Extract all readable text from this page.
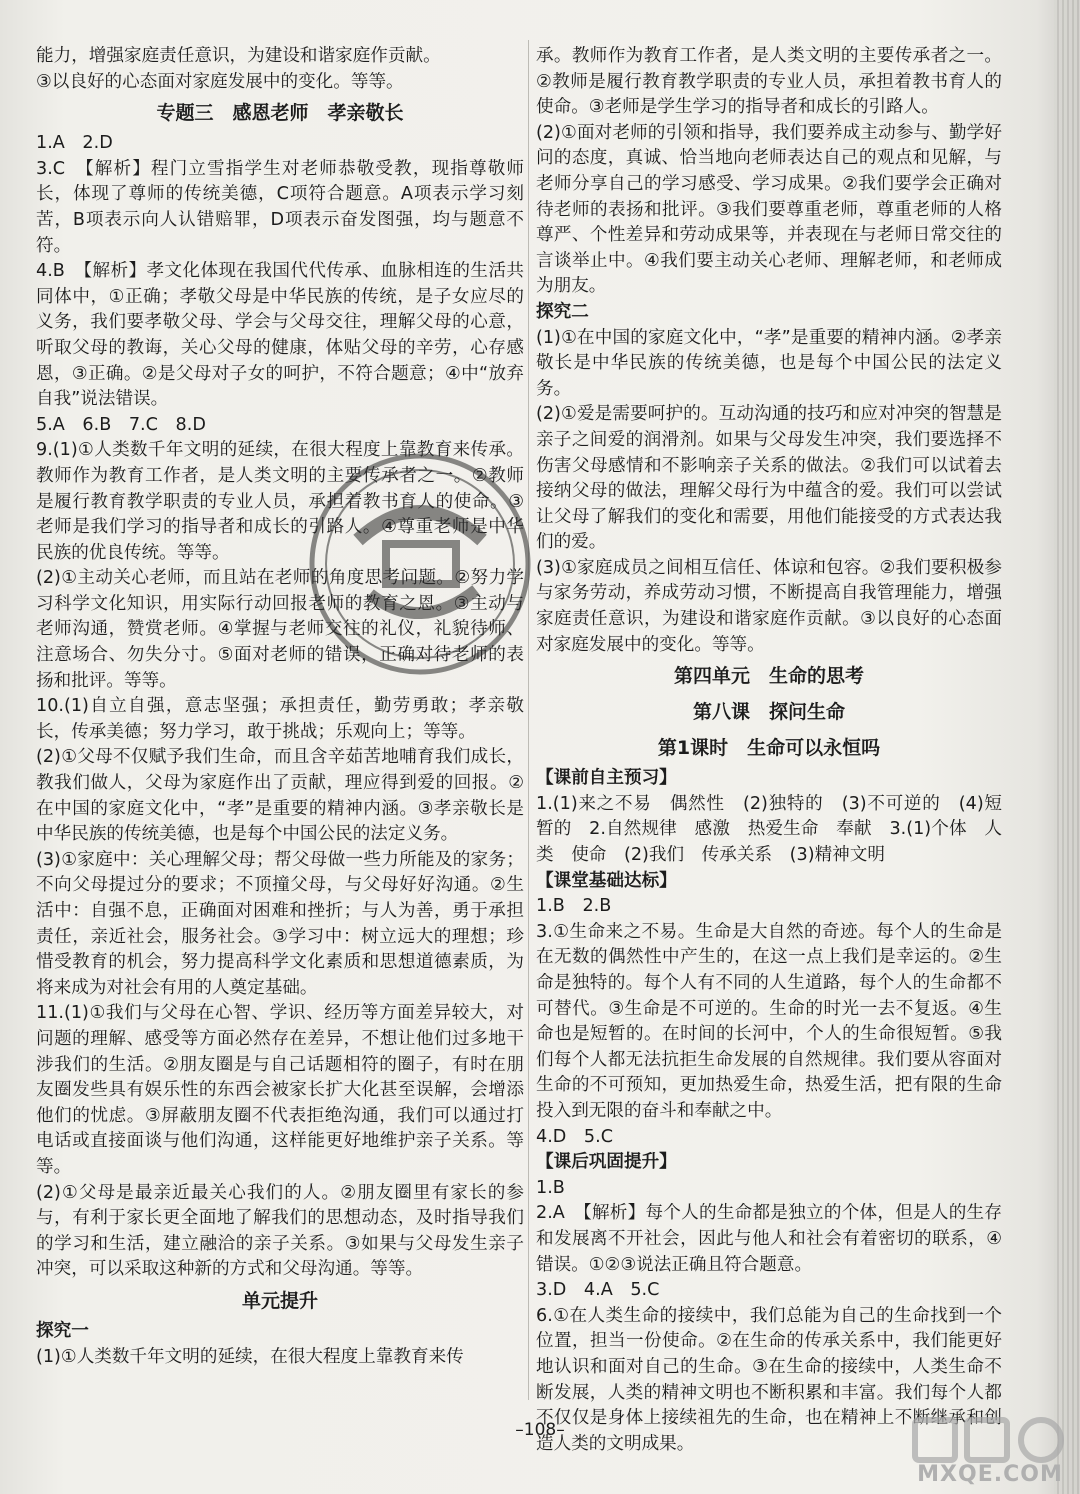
能力，增强家庭责任意识，为建设和谐家庭作贡献。

③以良好的心态面对家庭发展中的变化。等等。

专题三　感恩老师　孝亲敬长

1.A　2.D

3.C　【解析】程门立雪指学生对老师恭敬受教，现指尊敬师长，体现了尊师的传统美德，C项符合题意。A项表示学习刻苦，B项表示向人认错赔罪，D项表示奋发图强，均与题意不符。

4.B　【解析】孝文化体现在我国代代传承、血脉相连的生活共同体中，①正确；孝敬父母是中华民族的传统，是子女应尽的义务，我们要孝敬父母、学会与父母交往，理解父母的心意，听取父母的教诲，关心父母的健康，体贴父母的辛劳，心存感恩，③正确。②是父母对子女的呵护，不符合题意；④中“放弃自我”说法错误。

5.A　6.B　7.C　8.D

9.(1)①人类数千年文明的延续，在很大程度上靠教育来传承。教师作为教育工作者，是人类文明的主要传承者之一。②教师是履行教育教学职责的专业人员，承担着教书育人的使命。③老师是我们学习的指导者和成长的引路人。④尊重老师是中华民族的优良传统。等等。

(2)①主动关心老师，而且站在老师的角度思考问题。②努力学习科学文化知识，用实际行动回报老师的教育之恩。③主动与老师沟通，赞赏老师。④掌握与老师交往的礼仪，礼貌待师、注意场合、勿失分寸。⑤面对老师的错误，正确对待老师的表扬和批评。等等。

10.(1)自立自强，意志坚强；承担责任，勤劳勇敢；孝亲敬长，传承美德；努力学习，敢于挑战；乐观向上；等等。

(2)①父母不仅赋予我们生命，而且含辛茹苦地哺育我们成长，教我们做人，父母为家庭作出了贡献，理应得到爱的回报。②在中国的家庭文化中，“孝”是重要的精神内涵。③孝亲敬长是中华民族的传统美德，也是每个中国公民的法定义务。

(3)①家庭中：关心理解父母；帮父母做一些力所能及的家务；不向父母提过分的要求；不顶撞父母，与父母好好沟通。②生活中：自强不息，正确面对困难和挫折；与人为善，勇于承担责任，亲近社会，服务社会。③学习中：树立远大的理想；珍惜受教育的机会，努力提高科学文化素质和思想道德素质，为将来成为对社会有用的人奠定基础。

11.(1)①我们与父母在心智、学识、经历等方面差异较大，对问题的理解、感受等方面必然存在差异，不想让他们过多地干涉我们的生活。②朋友圈是与自己话题相符的圈子，有时在朋友圈发些具有娱乐性的东西会被家长扩大化甚至误解，会增添他们的忧虑。③屏蔽朋友圈不代表拒绝沟通，我们可以通过打电话或直接面谈与他们沟通，这样能更好地维护亲子关系。等等。

(2)①父母是最亲近最关心我们的人。②朋友圈里有家长的参与，有利于家长更全面地了解我们的思想动态，及时指导我们的学习和生活，建立融洽的亲子关系。③如果与父母发生亲子冲突，可以采取这种新的方式和父母沟通。等等。

单元提升

探究一

(1)①人类数千年文明的延续，在很大程度上靠教育来传

承。教师作为教育工作者，是人类文明的主要传承者之一。②教师是履行教育教学职责的专业人员，承担着教书育人的使命。③老师是学生学习的指导者和成长的引路人。

(2)①面对老师的引领和指导，我们要养成主动参与、勤学好问的态度，真诚、恰当地向老师表达自己的观点和见解，与老师分享自己的学习感受、学习成果。②我们要学会正确对待老师的表扬和批评。③我们要尊重老师，尊重老师的人格尊严、个性差异和劳动成果等，并表现在与老师日常交往的言谈举止中。④我们要主动关心老师、理解老师，和老师成为朋友。

探究二

(1)①在中国的家庭文化中，“孝”是重要的精神内涵。②孝亲敬长是中华民族的传统美德，也是每个中国公民的法定义务。

(2)①爱是需要呵护的。互动沟通的技巧和应对冲突的智慧是亲子之间爱的润滑剂。如果与父母发生冲突，我们要选择不伤害父母感情和不影响亲子关系的做法。②我们可以试着去接纳父母的做法，理解父母行为中蕴含的爱。我们可以尝试让父母了解我们的变化和需要，用他们能接受的方式表达我们的爱。

(3)①家庭成员之间相互信任、体谅和包容。②我们要积极参与家务劳动，养成劳动习惯，不断提高自我管理能力，增强家庭责任意识，为建设和谐家庭作贡献。③以良好的心态面对家庭发展中的变化。等等。

第四单元　生命的思考

第八课　探问生命

第1课时　生命可以永恒吗

【课前自主预习】

1.(1)来之不易　偶然性　(2)独特的　(3)不可逆的　(4)短暂的　2.自然规律　感激　热爱生命　奉献　3.(1)个体　人类　使命　(2)我们　传承关系　(3)精神文明

【课堂基础达标】

1.B　2.B

3.①生命来之不易。生命是大自然的奇迹。每个人的生命是在无数的偶然性中产生的，在这一点上我们是幸运的。②生命是独特的。每个人有不同的人生道路，每个人的生命都不可替代。③生命是不可逆的。生命的时光一去不复返。④生命也是短暂的。在时间的长河中，个人的生命很短暂。⑤我们每个人都无法抗拒生命发展的自然规律。我们要从容面对生命的不可预知，更加热爱生命，热爱生活，把有限的生命投入到无限的奋斗和奉献之中。

4.D　5.C

【课后巩固提升】

1.B

2.A　【解析】每个人的生命都是独立的个体，但是人的生存和发展离不开社会，因此与他人和社会有着密切的联系，④错误。①②③说法正确且符合题意。

3.D　4.A　5.C

6.①在人类生命的接续中，我们总能为自己的生命找到一个位置，担当一份使命。②在生命的传承关系中，我们能更好地认识和面对自己的生命。③在生命的接续中，人类生命不断发展，人类的精神文明也不断积累和丰富。我们每个人都不仅仅是身体上接续祖先的生命，也在精神上不断继承和创造人类的文明成果。

–108–
MXQE.COM
